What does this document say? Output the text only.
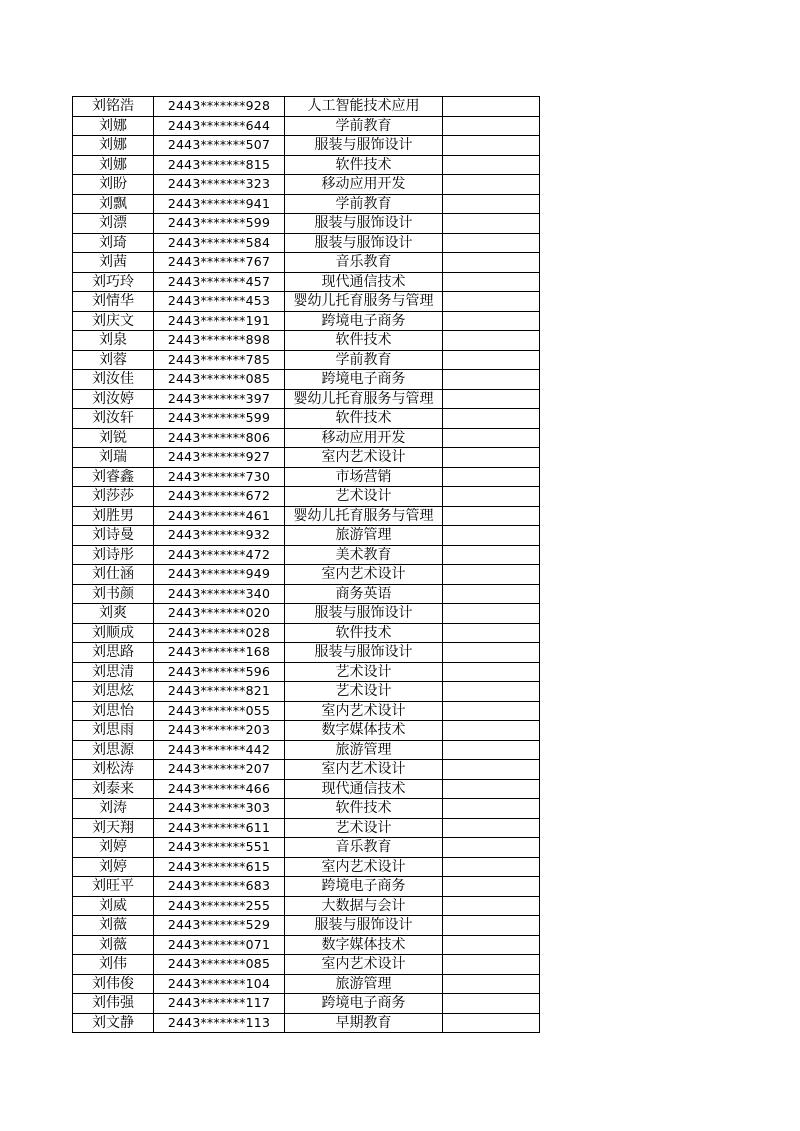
刘铭浩	2443*******928	人工智能技术应用	
刘娜	2443*******644	学前教育	
刘娜	2443*******507	服装与服饰设计	
刘娜	2443*******815	软件技术	
刘盼	2443*******323	移动应用开发	
刘飘	2443*******941	学前教育	
刘漂	2443*******599	服装与服饰设计	
刘琦	2443*******584	服装与服饰设计	
刘茜	2443*******767	音乐教育	
刘巧玲	2443*******457	现代通信技术	
刘情华	2443*******453	婴幼儿托育服务与管理	
刘庆文	2443*******191	跨境电子商务	
刘泉	2443*******898	软件技术	
刘蓉	2443*******785	学前教育	
刘汝佳	2443*******085	跨境电子商务	
刘汝婷	2443*******397	婴幼儿托育服务与管理	
刘汝轩	2443*******599	软件技术	
刘锐	2443*******806	移动应用开发	
刘瑞	2443*******927	室内艺术设计	
刘睿鑫	2443*******730	市场营销	
刘莎莎	2443*******672	艺术设计	
刘胜男	2443*******461	婴幼儿托育服务与管理	
刘诗曼	2443*******932	旅游管理	
刘诗彤	2443*******472	美术教育	
刘仕涵	2443*******949	室内艺术设计	
刘书颜	2443*******340	商务英语	
刘爽	2443*******020	服装与服饰设计	
刘顺成	2443*******028	软件技术	
刘思路	2443*******168	服装与服饰设计	
刘思清	2443*******596	艺术设计	
刘思炫	2443*******821	艺术设计	
刘思怡	2443*******055	室内艺术设计	
刘思雨	2443*******203	数字媒体技术	
刘思源	2443*******442	旅游管理	
刘松涛	2443*******207	室内艺术设计	
刘泰来	2443*******466	现代通信技术	
刘涛	2443*******303	软件技术	
刘天翔	2443*******611	艺术设计	
刘婷	2443*******551	音乐教育	
刘婷	2443*******615	室内艺术设计	
刘旺平	2443*******683	跨境电子商务	
刘威	2443*******255	大数据与会计	
刘薇	2443*******529	服装与服饰设计	
刘薇	2443*******071	数字媒体技术	
刘伟	2443*******085	室内艺术设计	
刘伟俊	2443*******104	旅游管理	
刘伟强	2443*******117	跨境电子商务	
刘文静	2443*******113	早期教育	
